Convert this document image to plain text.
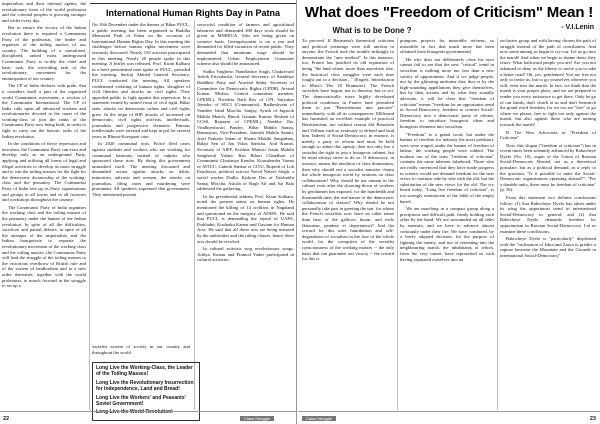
International Human Rights Day in Patna

imperialists and their infernal agents, the revolutionary front of the world proletariat and the colonial peoples is growing stronger and wider every day.

But to ensure the victory of the Indian revolution there is required a Communist Party of the proletariat, the leader and organiser of the toiling masses of our country. The building of a centralised, disciplined, united mass underground Communist Party is to-day the chief and basic task, the overriding task of the revolutionary movement for the emancipation of our country.

The CP of India declares with pride, that it considers itself a part of the organised world Communist movement, a section of the Communist International. The CP of India calls upon all advanced workers and revolutionaries devoted to the cause of the working-class to join the ranks of the Communist Party now being built, in order to fight to carry out the historic tasks of the Indian revolution.

In the conditions of fierce repression and terrorism, the Communist Party can exist and develop only as an underground Party, applying and utilising all forms of legal and illegal activities to develop its mass struggle and to win the toiling masses for the fight for the democratic dictatorship of the working-class and the peasantry. The Communist Party of India sets up its Party organisations and groups in all towns and in all factories and workshops throughout the country.

The Communist Party of India organises the working class and the toiling masses of the peasantry under the banner of the Indian revolution. In spite of all the difficulties, sacrifices and partial defeats, in spite of all the attempts of the imperialists and the Indian bourgeoisie to separate the revolutionary movement of the working class and the toiling masses, the Communist Party will lead the struggle of the toiling masses to the victorious overthrow of British rule and of the system of landlordism and to a new order thereafter, together with the world proletariat, to march forward in the struggle to set up a

On 10th December under the banner of Bihar PUCL, a public meeting has been organized at Buddha Memorial Park of Patna on the occasion of International Human Rights Day. In this meeting the challenges before human rights movement were seriously discussed. Nearly 150 activists participated in this meeting. Nearly 20 people spoke in this meeting. A leaflet was released. Prof. Kiran Kalhara in a brief presidential note spoke of PUCL, presided the meeting. Sarfraj Ahmed General Secretary, PUCL conducted the meeting. All speakers condemned violating of human rights, slaughter of civil liberties and attacks on civil rights. They appealed public to fight against this repression. In a statement issued by united front of civil right, Bihar state, attacks on democratic values and civil rights grew. In the reign of BJP, attacks of increased on democratic, civil rights activists, intellectuals, journalists and progressive elements. Famous intellectuals were arrested and kept in jail for several years in Bhima-Koregaon case.

In 2020 communal riots, Police filed cases against students and workers who are working for communal harmony instead of culprits who sponsored those riots. By doing this government unmasked itself. The meeting discussed and demanded action against attacks on dalits, minorities, adivasis and women, the attacks on journalists, filing cases and murdering were prominent. All speakers expressed that government. They mentioned present

sorrowful condition of farmers and agricultural labourers and demanded 200 days work should be given in MNREGA. Jobs are being given on contract basis. Unemployment is on a rise and demanded for filled vacancies of recent public. They demanded that minimum wage should be implemented. Urban Employment Guarantee scheme also should be announced.

Sudha Varghese, Nandkishor Singh, Chakravarti Ashok Priyadarshi, General Secretary of Sambhav Buddhist Party and Aravind Sinha, Secretary of Committee for Democratic Rights (CPDR), Arvind Kumar Mishra, Central committee member, CPI(ML), Nivedita Nath Roy of CPI, Suryakar Jitendra of SUCI (Communist), Radheshyam of Vanshee Jahid Morcha, Sanjay, Ayush of Jagrook Mahila Manch, Binod, Gautam Kumar, Reshmi of CCSS, Rajaram of CPI(ML), Navbha Jha, Vindhyeshwari Pandey, Bihar Mahila Samaj, Ramnayan, Vice-President, Janvadi Mahila Samiti, Jyoti Prakash Jaitan of Shram Mukthi Sangathan, Balaji Sen of Jan Vikas Sanstha, Anil Kumar, Secretary of AIPF, Krishna Manvai Jasuti Mukthi Sangharsh Vahini, Rao Bihari Chaudhari of Communist Chaitanya Kendra, Kousalendra Varma of AITUC, Ganesh Sankar of CITU, Rupesh of Lok Panchayat, political activist Navid Nafees Singh, a social worker Daillu, Kishore Das of Vaishnithi Samaj Morcha, Ashish of Bagh Ali and Sai Bala addressed the gathering.

In his presidential address Prof. Kiran Kalhara, noted the present status on human rights. He mentioned the killing of 14 civilians in Nagaland and questioned on the integrity of AFSPA. He said that PUCL is demanding the repeal of UAPA, Prahladin, Kisdonka Kamar and Gaytam for Human Acts. He said that all these acts are being misused by the authorities and the ruling classes, hence these acts should be revoked.

In cultural activists sing revolutionary songs. Aditya, Kumar and Pramod Yadav participated in cultural activities.

socialist system of society in our country and throughout the world.

Long Live the Working-Class, the Leader of the Toiling Masses!
Long Live the Revolutionary Insurrection for Independence, Land and Bread!
Long Live the Workers' and Peasants' Soviet Government!
Long Live the World Revolution!
22	Class Struggle
What does "Freedom of Criticism" Mean !
What is to be Done ?	- V.I.Lenin

To proceed. If Bernstein's theoretical criticism and political yearnings were still unclear to anyone, the French took the trouble strikingly to demonstrate the "new method". In this instance, too, France has justified its old reputation of being "the land where, more than anywhere else, the historical class struggles were each time fought out to a decision..." (Engels, Introduction to Marx's Der 18 Brumaire). The French socialists have begun, not to theorise, but to act. The democratically more highly developed political conditions in France have permitted them to put "Bernsteinism into practice" immediately, with all its consequences. Millerand has furnished an excellent example of practical Bernsteinism; not without reason did Bernstein and Vollmar rush so zealously to defend and laud him. Indeed, if Social-Democracy, in essence, is merely a party of reform and must be bold enough to admit this openly, then not only has a socialist the right to join a bourgeois cabinet, but he must always strive to do so. If democracy, in essence, means the abolition of class domination, then why should not a socialist minister charm the whole bourgeois world by orations on class collaboration? Why should he not remain in the cabinet even after the shooting-down of workers by gendarmes has exposed, for the hundredth and thousandth time, the real nature of the democratic collaboration of classes? Why should he not personally take part in greeting the tsar, for whom the French socialists now have no other name than hero of the gallows, knout, and exile (knouteur, pendeur et deportateur)? And the reward for this utter humiliation and self-degradation of socialism in the face of the whole world, for the corruption of the socialist consciousness of the working masses -- the only basis that can guarantee our victory -- the reward for this is

pompous projects for miserable reforms, so miserable in fact that much more has been obtained from bourgeois governments!

He who does not deliberately close his eyes cannot fail to see that the new "critical" trend in socialism is nothing more nor less than a new variety of opportunism. And if we judge people, not by the glittering uniforms they don or by the high-sounding appellations they give themselves, but by their actions and by what they actually advocate, it will be clear that "freedom of criticism" means "freedom for an opportunist trend in Social-Democracy, freedom to convert Social-Democracy into a democratic party of reform, freedom to introduce bourgeois ideas and bourgeois elements into socialism.

"Freedom" is a grand word, but under the banner of freedom for industry the most predatory wars were waged, under the banner of freedom of labour, the working people were robbed. The modern use of the term "freedom of criticism" contains the same inherent falsehood. Those who are really convinced that they have made progress in science would not demand freedom for the new views to continue side by side with the old, but the substitution of the new views for the old. The cry heard today, "Long live freedom of criticism", is too strongly reminiscent of the fable of the empty barrel.

We are marching in a compact group along a precipitous and difficult path, firmly holding each other by the hand. We are surrounded on all sides by enemies, and we have to advance almost constantly under their fire. We have combined, by a freely adopted decision, for the purpose of fighting the enemy, and not of retreating into the neighbouring marsh, the inhabitants of which, from the very outset, have reproached us with having separated ourselves into an

exclusive group and with having chosen the path of struggle instead of the path of conciliation. And now some among us begin to cry out: Let us go into the marsh! And when we begin to shame them, they retort: What backward people you are! Are you not ashamed to deny us the liberty to invite you to take a better road! Oh, yes, gentlemen! You are free not only to invite us, but to go yourselves wherever you will, even into the marsh. In fact, we think that the marsh is your proper place, and we are prepared to render you every assistance to get there. Only let go of our hands, don't clutch at us and don't besmirch the grand word freedom, for we too are "free" to go where we please, free to fight not only against the marsh, but also against those who are turning towards the marsh!

B. The New Advocates of "Freedom of Criticism"

Now, this slogan ("freedom of criticism") has in recent times been solemnly advanced by Rabocheye Dyelo (No. 10), organ of the Union of Russian Social-Democrats Abroad, not as a theoretical postulate, but as a political demand, as a reply to the question, "Is it possible to unite the Social-Democratic organisations operating abroad?": "For a durable unity, there must be freedom of criticism" (p. 36).

From this statement two definite conclusions follow: (1) that Rabocheye Dyelo has taken under its wing the opportunist trend in international Social-Democracy in general; and (2) that Rabocheye Dyelo demands freedom for opportunism in Russian Social-Democracy. Let us examine these conclusions.

Rabocheye Dyelo is "particularly" displeased with the "inclination of Iskra and Zarya to predict a rupture between the Mountain and the Gironde in international Social-Democracy"

Class Struggle	23
